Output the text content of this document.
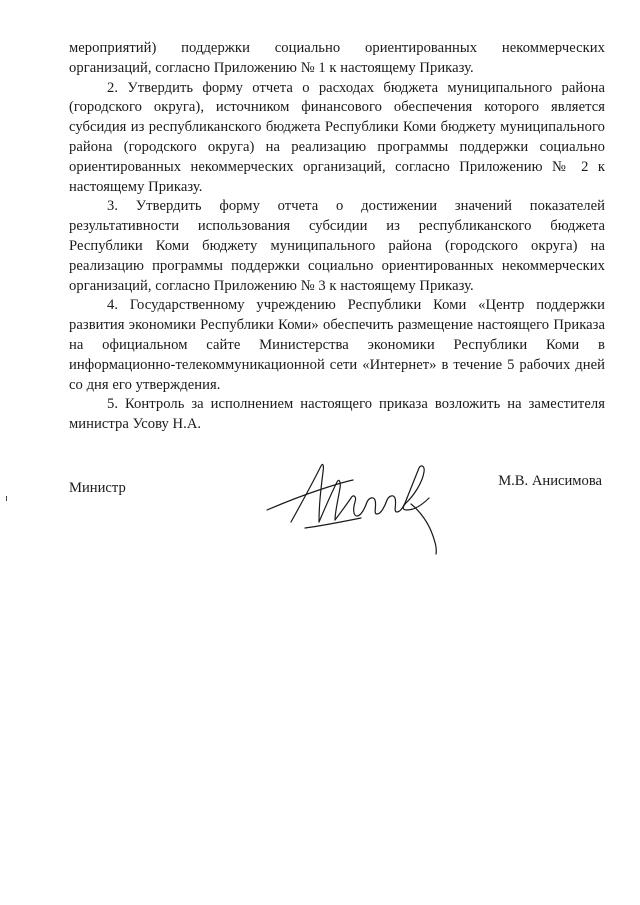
мероприятий) поддержки социально ориентированных некоммерческих организаций, согласно Приложению № 1 к настоящему Приказу.

2. Утвердить форму отчета о расходах бюджета муниципального района (городского округа), источником финансового обеспечения которого является субсидия из республиканского бюджета Республики Коми бюджету муниципального района (городского округа) на реализацию программы поддержки социально ориентированных некоммерческих организаций, согласно Приложению № 2 к настоящему Приказу.

3. Утвердить форму отчета о достижении значений показателей результативности использования субсидии из республиканского бюджета Республики Коми бюджету муниципального района (городского округа) на реализацию программы поддержки социально ориентированных некоммерческих организаций, согласно Приложению № 3 к настоящему Приказу.

4. Государственному учреждению Республики Коми «Центр поддержки развития экономики Республики Коми» обеспечить размещение настоящего Приказа на официальном сайте Министерства экономики Республики Коми в информационно-телекоммуникационной сети «Интернет» в течение 5 рабочих дней со дня его утверждения.

5. Контроль за исполнением настоящего приказа возложить на заместителя министра Усову Н.А.

Министр	М.В. Анисимова
